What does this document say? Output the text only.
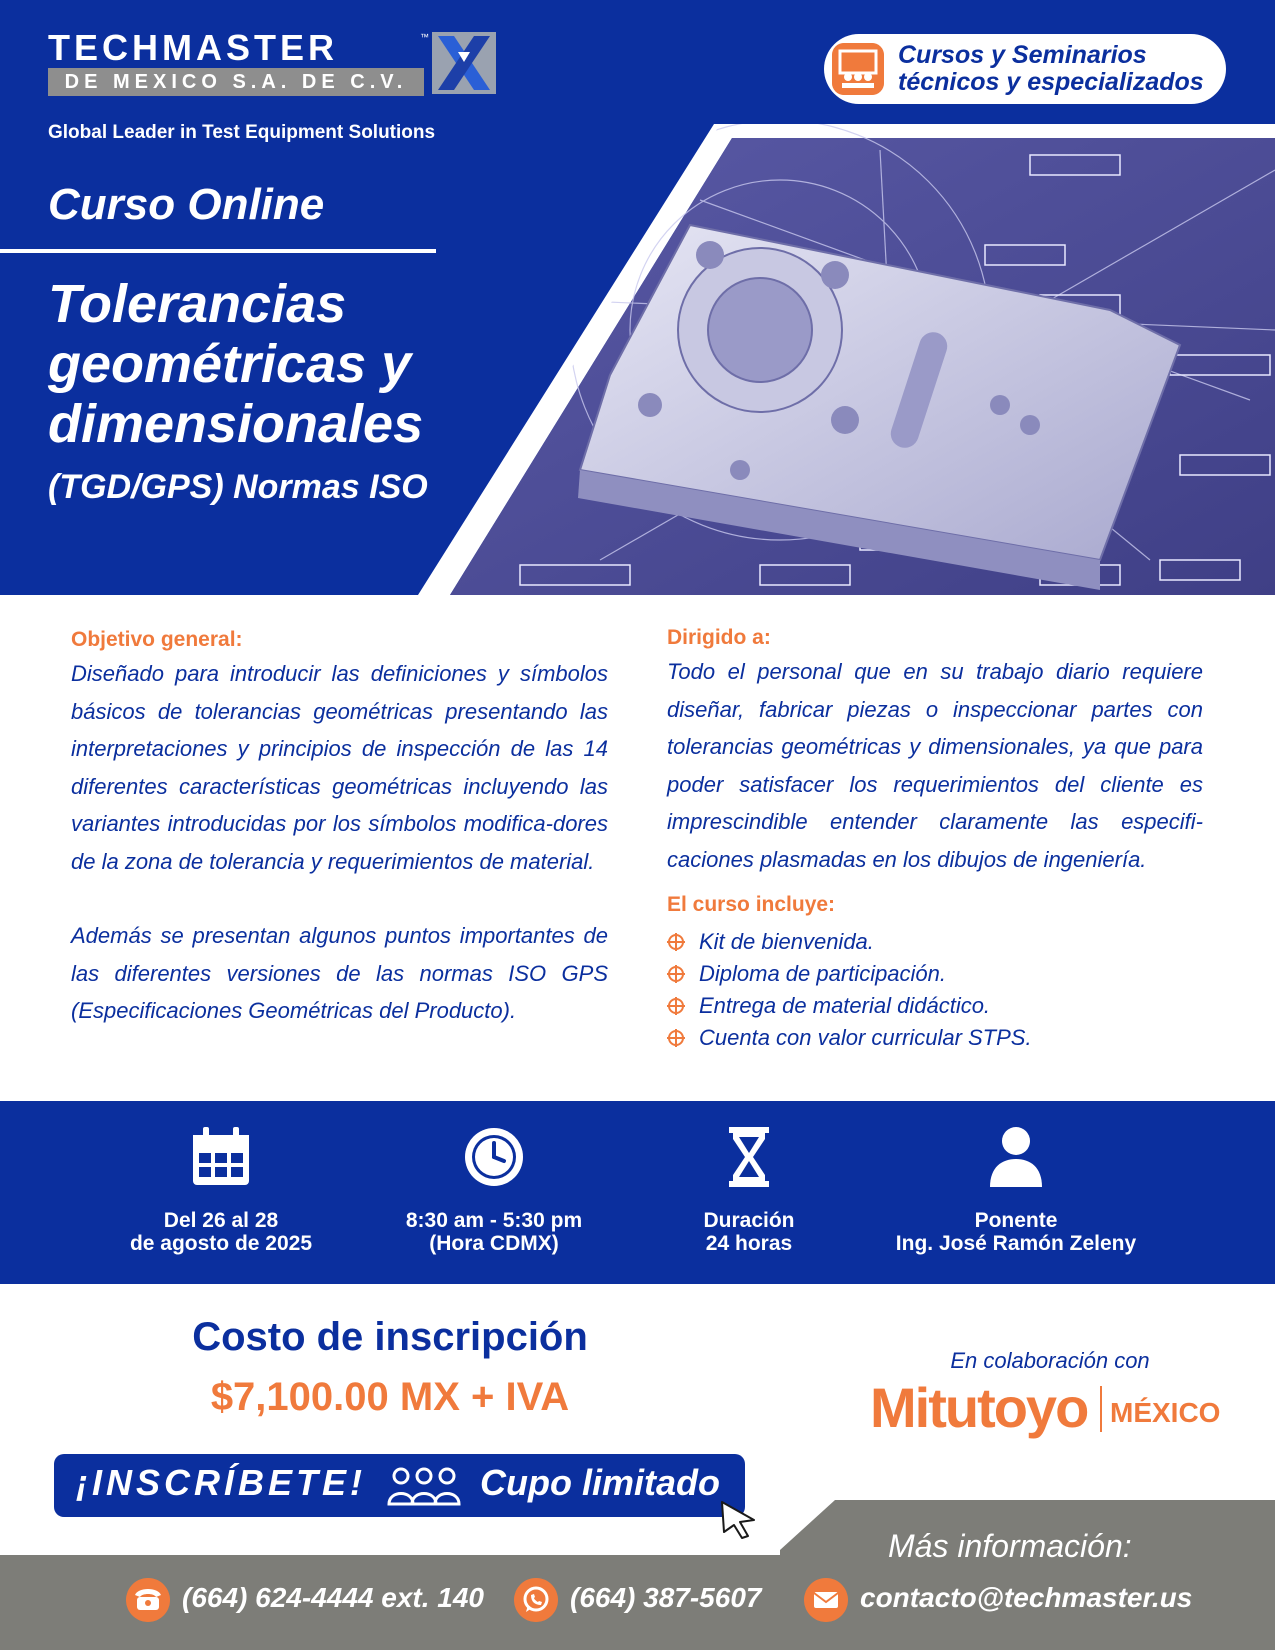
TECHMASTER	™
DE MEXICO S.A. DE C.V.
Global Leader in Test Equipment Solutions
Cursos y Seminarios
técnicos y especializados
Curso Online
Tolerancias
geométricas y
dimensionales
(TGD/GPS) Normas ISO
Objetivo general:

Diseñado para introducir las definiciones y símbolos básicos de tolerancias geométricas presentando las interpretaciones y principios de inspección de las 14 diferentes características geométricas incluyendo las variantes introducidas por los símbolos modifica-dores de la zona de tolerancia y requerimientos de material.

Además se presentan algunos puntos importantes de las diferentes versiones de las normas ISO GPS (Especificaciones Geométricas del Producto).

Dirigido a:

Todo el personal que en su trabajo diario requiere diseñar, fabricar piezas o inspeccionar partes con tolerancias geométricas y dimensionales, ya que para poder satisfacer los requerimientos del cliente es imprescindible entender claramente las especifi-caciones plasmadas en los dibujos de ingeniería.

El curso incluye:
Kit de bienvenida.
Diploma de participación.
Entrega de material didáctico.
Cuenta con valor curricular STPS.
Del 26 al 28
de agosto de 2025
8:30 am - 5:30 pm
(Hora CDMX)
Duración
24 horas
Ponente
Ing. José Ramón Zeleny
Costo de inscripción
$7,100.00 MX + IVA
En colaboración con
Mitutoyo MÉXICO
¡INSCRÍBETE!	Cupo limitado
Más información:
(664) 624-4444 ext. 140	(664) 387-5607	contacto@techmaster.us
